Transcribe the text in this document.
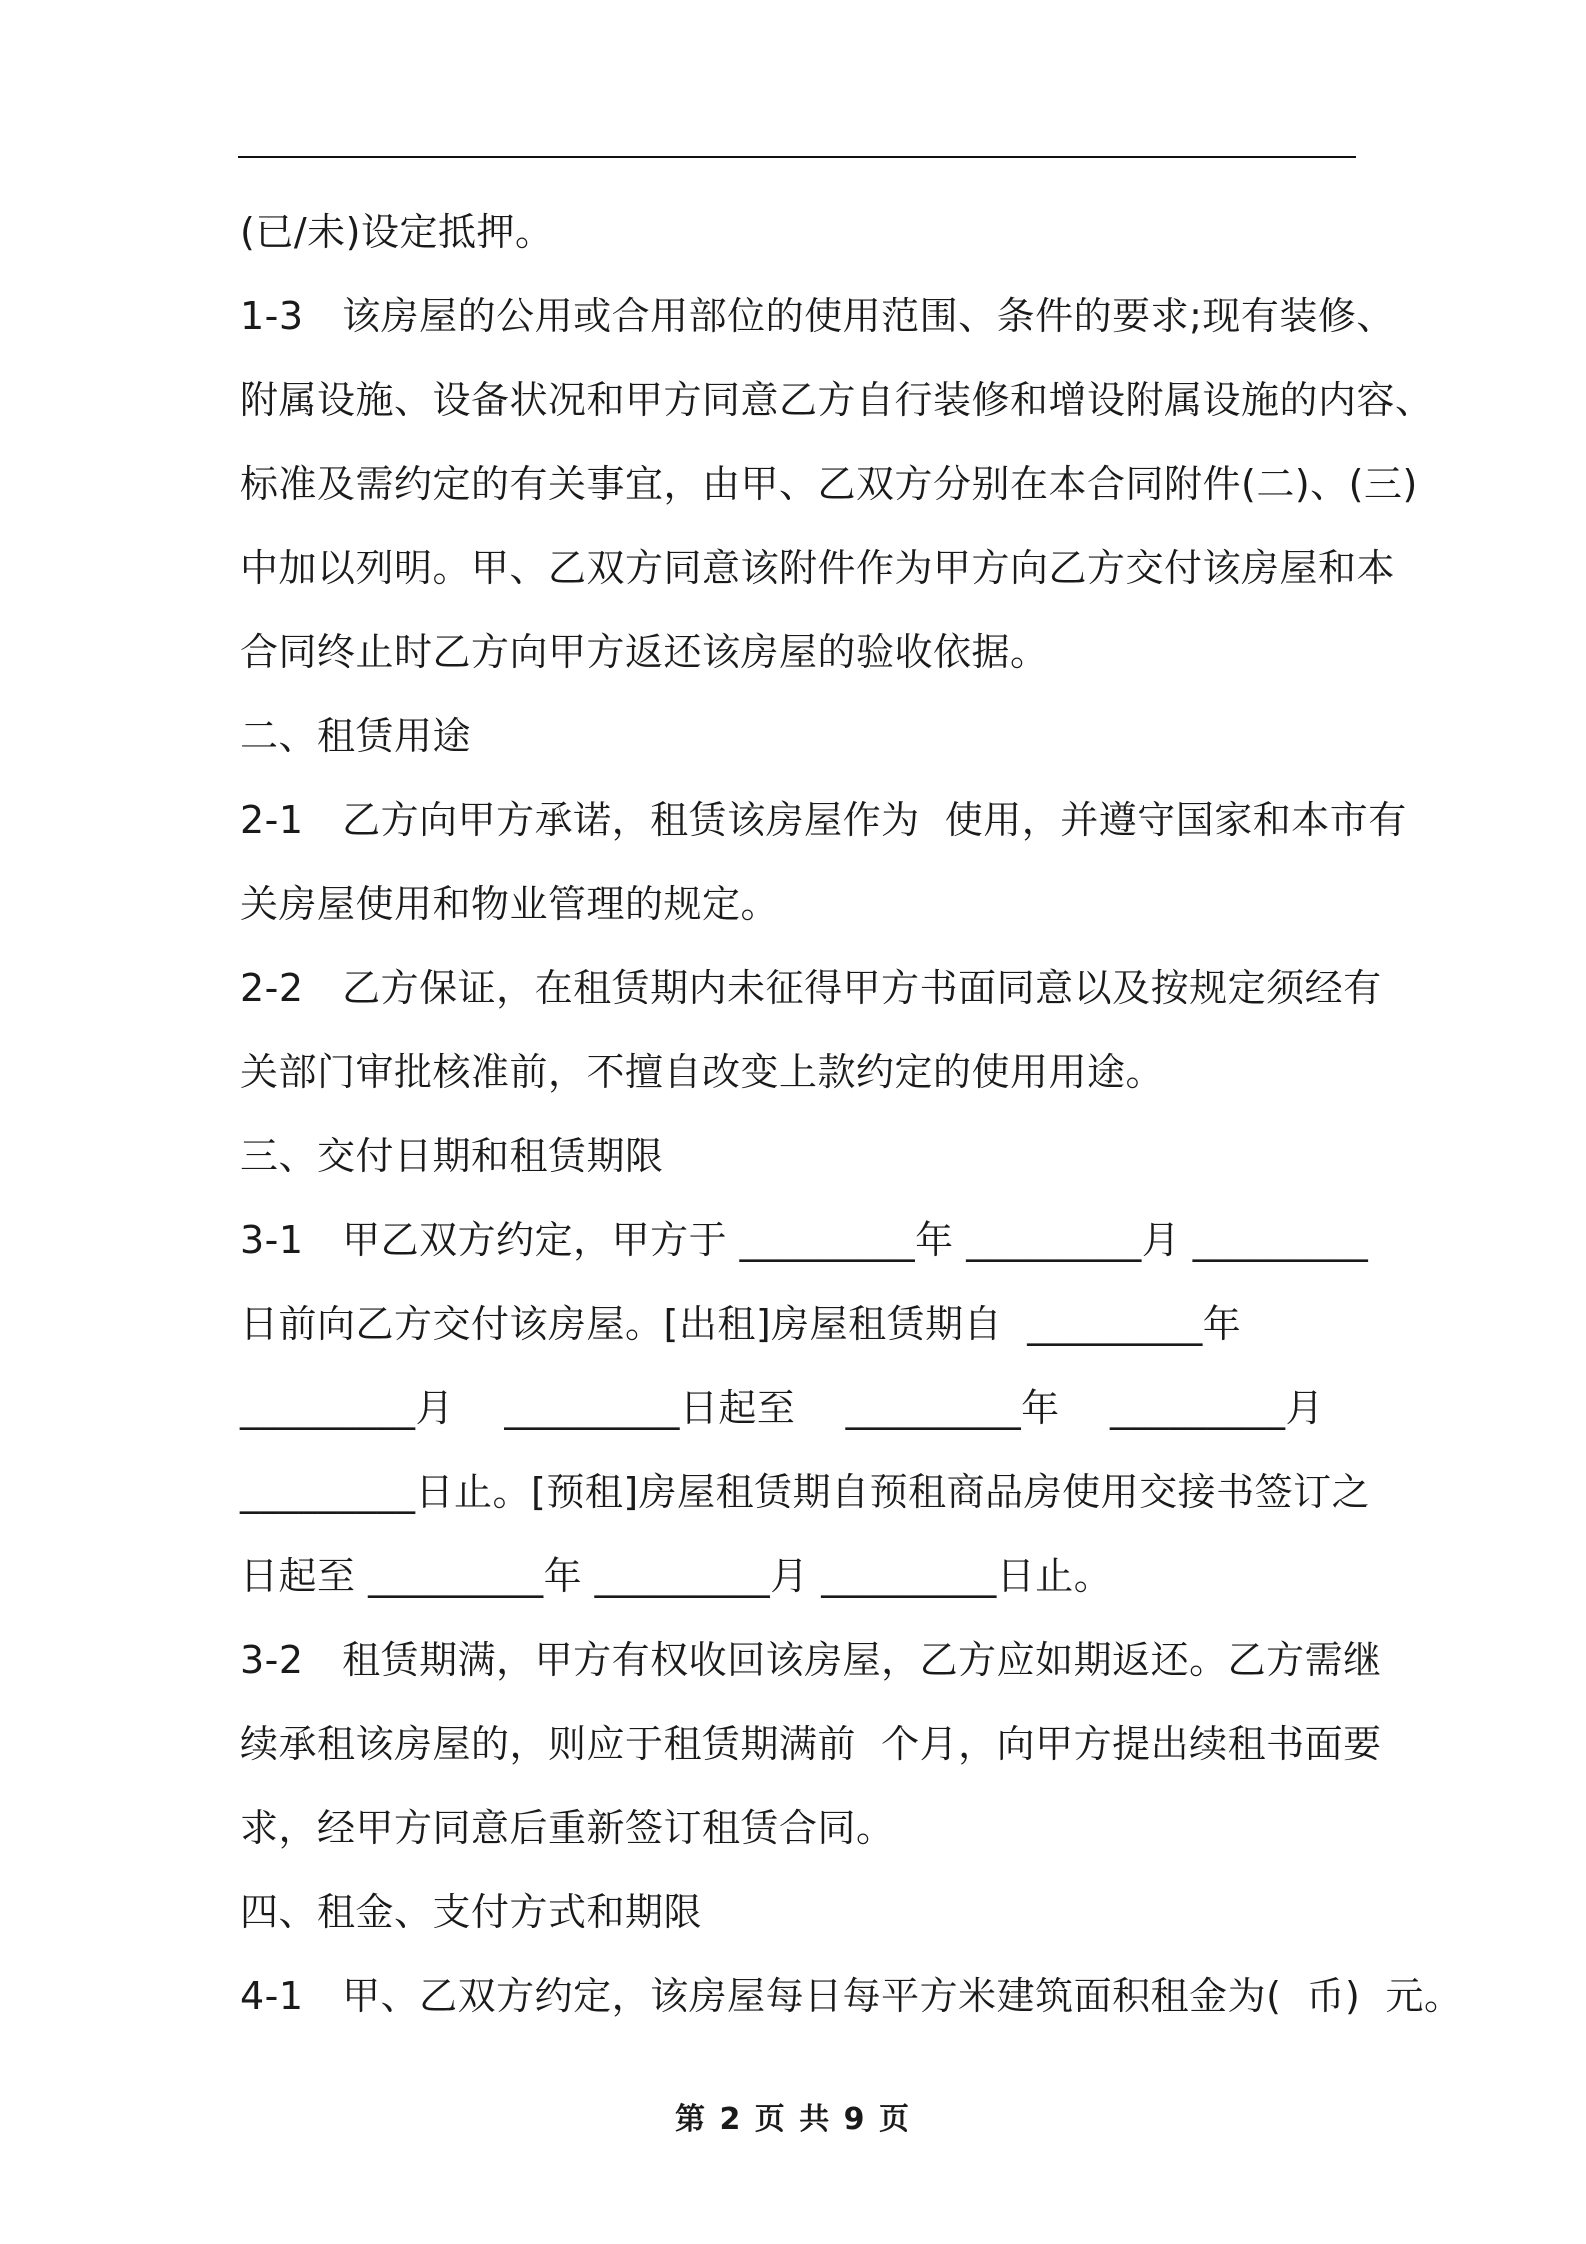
(已/未)设定抵押。
1-3　该房屋的公用或合用部位的使用范围、条件的要求;现有装修、
附属设施、设备状况和甲方同意乙方自行装修和增设附属设施的内容、
标准及需约定的有关事宜，由甲、乙双方分别在本合同附件(二)、(三)
中加以列明。甲、乙双方同意该附件作为甲方向乙方交付该房屋和本
合同终止时乙方向甲方返还该房屋的验收依据。
二、租赁用途
2-1　乙方向甲方承诺，租赁该房屋作为  使用，并遵守国家和本市有
关房屋使用和物业管理的规定。
2-2　乙方保证，在租赁期内未征得甲方书面同意以及按规定须经有
关部门审批核准前，不擅自改变上款约定的使用用途。
三、交付日期和租赁期限
3-1　甲乙双方约定，甲方于 _________年 _________月 _________
日前向乙方交付该房屋。[出租]房屋租赁期自  _________年
_________月    _________日起至    _________年    _________月
_________日止。[预租]房屋租赁期自预租商品房使用交接书签订之
日起至 _________年 _________月 _________日止。
3-2　租赁期满，甲方有权收回该房屋，乙方应如期返还。乙方需继
续承租该房屋的，则应于租赁期满前  个月，向甲方提出续租书面要
求，经甲方同意后重新签订租赁合同。
四、租金、支付方式和期限
4-1　甲、乙双方约定，该房屋每日每平方米建筑面积租金为(  币)  元。
第 2 页 共 9 页
